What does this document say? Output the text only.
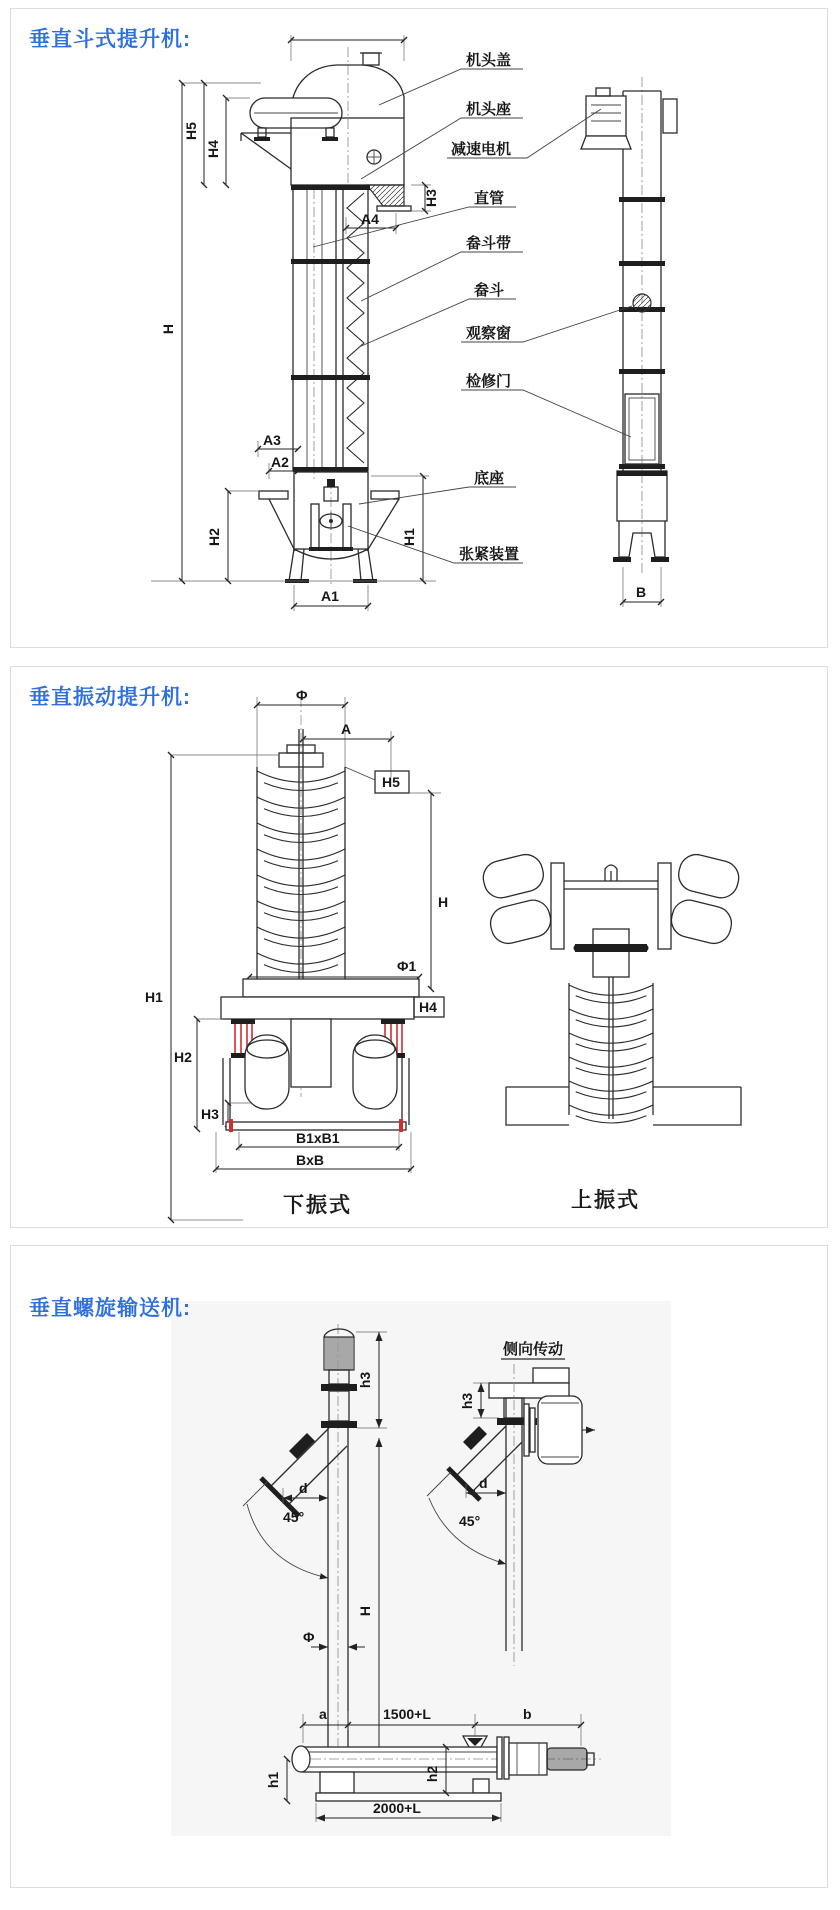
垂直斗式提升机:
H
H5
H4
H3
A4
A3
A2
H2	H1
A1	B
机头盖
机头座
减速电机
直管
畚斗带
畚斗
观察窗
检修门
底座
张紧装置
垂直振动提升机:	Φ
A
H5
H1
H
Φ1
H4
H2
H3
B1xB1
BxB
下振式	上振式
垂直螺旋输送机:
h3
H
d
45°
Φ
a	1500+L	b
h1	h2
2000+L
侧向传动
h3
d
45°
